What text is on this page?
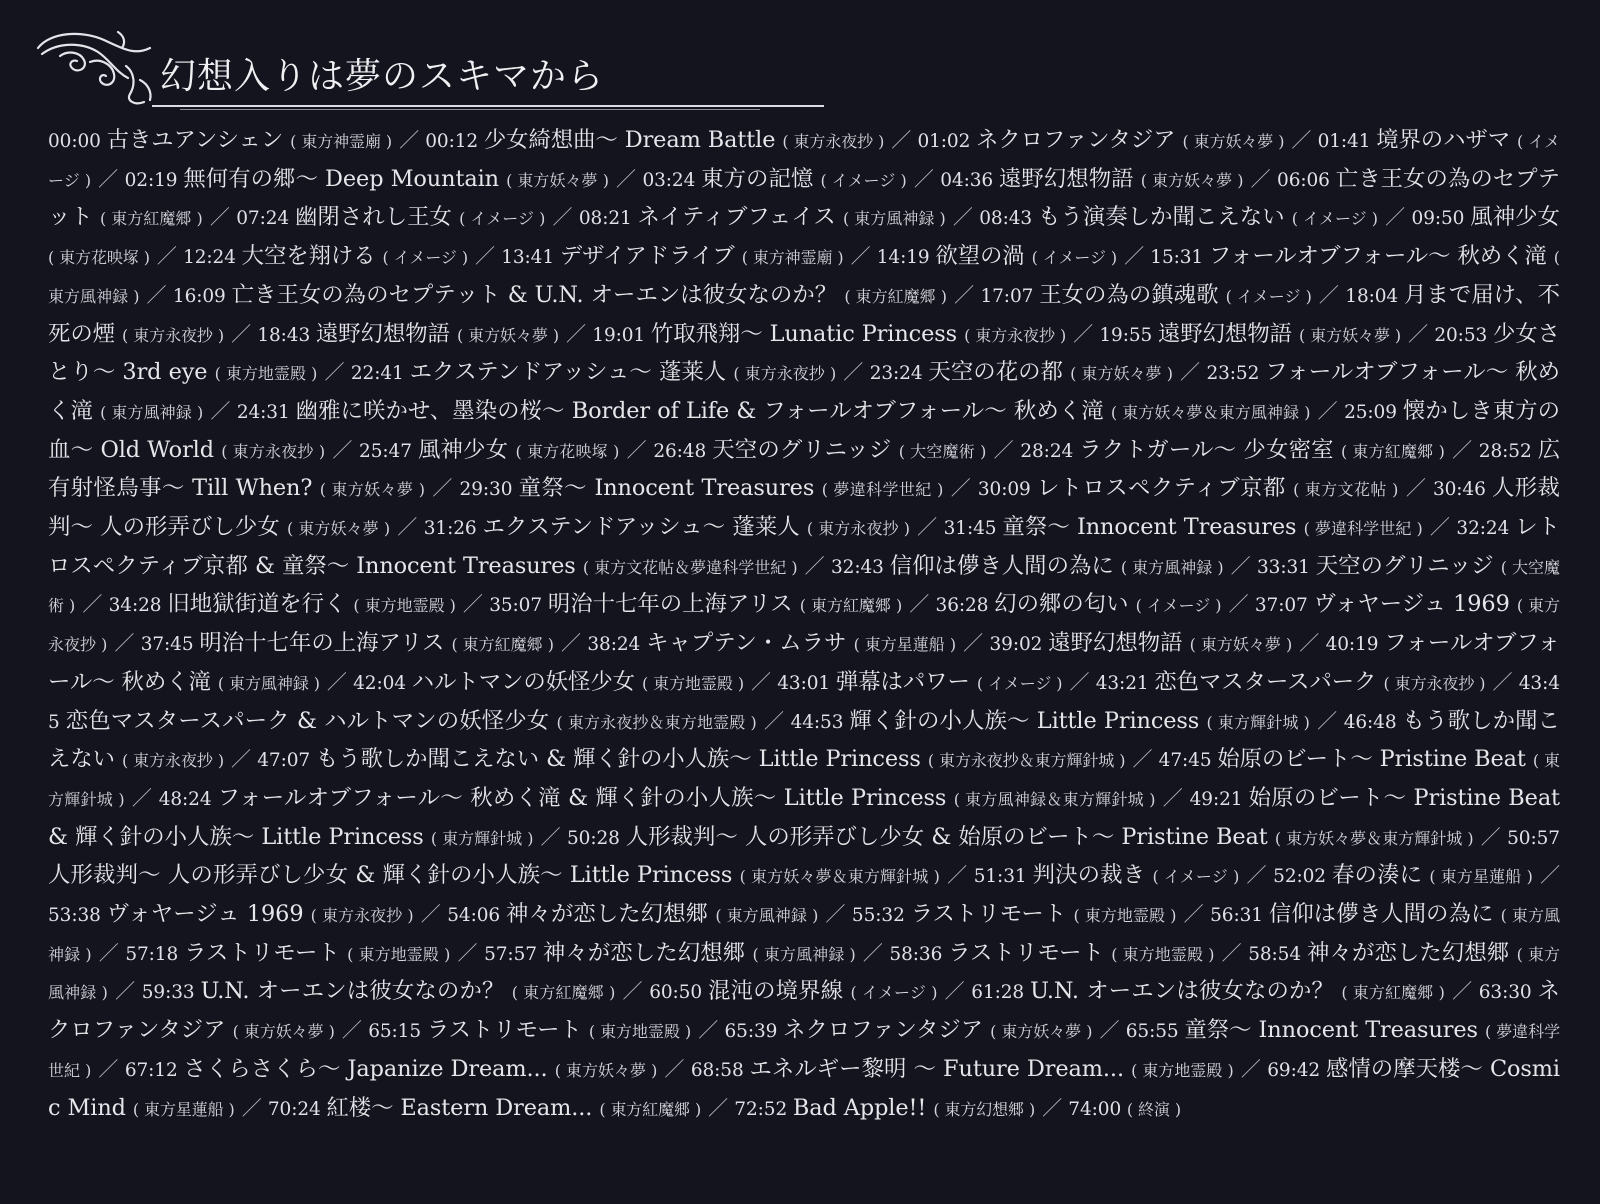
幻想入りは夢のスキマから
00:00 古きユアンシェン ( 東方神霊廟 ) ／ 00:12 少女綺想曲〜 Dream Battle ( 東方永夜抄 ) ／ 01:02 ネクロファンタジア ( 東方妖々夢 ) ／ 01:41 境界のハザマ ( イメージ ) ／ 02:19 無何有の郷〜 Deep Mountain ( 東方妖々夢 ) ／ 03:24 東方の記憶 ( イメージ ) ／ 04:36 遠野幻想物語 ( 東方妖々夢 ) ／ 06:06 亡き王女の為のセプテット ( 東方紅魔郷 ) ／ 07:24 幽閉されし王女 ( イメージ ) ／ 08:21 ネイティブフェイス ( 東方風神録 ) ／ 08:43 もう演奏しか聞こえない ( イメージ ) ／ 09:50 風神少女 ( 東方花映塚 ) ／ 12:24 大空を翔ける ( イメージ ) ／ 13:41 デザイアドライブ ( 東方神霊廟 ) ／ 14:19 欲望の渦 ( イメージ ) ／ 15:31 フォールオブフォール〜 秋めく滝 ( 東方風神録 ) ／ 16:09 亡き王女の為のセプテット & U.N. オーエンは彼女なのか？ ( 東方紅魔郷 ) ／ 17:07 王女の為の鎮魂歌 ( イメージ ) ／ 18:04 月まで届け、不死の煙 ( 東方永夜抄 ) ／ 18:43 遠野幻想物語 ( 東方妖々夢 ) ／ 19:01 竹取飛翔〜 Lunatic Princess ( 東方永夜抄 ) ／ 19:55 遠野幻想物語 ( 東方妖々夢 ) ／ 20:53 少女さとり〜 3rd eye ( 東方地霊殿 ) ／ 22:41 エクステンドアッシュ〜 蓬莱人 ( 東方永夜抄 ) ／ 23:24 天空の花の都 ( 東方妖々夢 ) ／ 23:52 フォールオブフォール〜 秋めく滝 ( 東方風神録 ) ／ 24:31 幽雅に咲かせ、墨染の桜〜 Border of Life & フォールオブフォール〜 秋めく滝 ( 東方妖々夢＆東方風神録 ) ／ 25:09 懐かしき東方の血〜 Old World ( 東方永夜抄 ) ／ 25:47 風神少女 ( 東方花映塚 ) ／ 26:48 天空のグリニッジ ( 大空魔術 ) ／ 28:24 ラクトガール〜 少女密室 ( 東方紅魔郷 ) ／ 28:52 広有射怪鳥事〜 Till When? ( 東方妖々夢 ) ／ 29:30 童祭〜 Innocent Treasures ( 夢違科学世紀 ) ／ 30:09 レトロスペクティブ京都 ( 東方文花帖 ) ／ 30:46 人形裁判〜 人の形弄びし少女 ( 東方妖々夢 ) ／ 31:26 エクステンドアッシュ〜 蓬莱人 ( 東方永夜抄 ) ／ 31:45 童祭〜 Innocent Treasures ( 夢違科学世紀 ) ／ 32:24 レトロスペクティブ京都 & 童祭〜 Innocent Treasures ( 東方文花帖＆夢違科学世紀 ) ／ 32:43 信仰は儚き人間の為に ( 東方風神録 ) ／ 33:31 天空のグリニッジ ( 大空魔術 ) ／ 34:28 旧地獄街道を行く ( 東方地霊殿 ) ／ 35:07 明治十七年の上海アリス ( 東方紅魔郷 ) ／ 36:28 幻の郷の匂い ( イメージ ) ／ 37:07 ヴォヤージュ 1969 ( 東方永夜抄 ) ／ 37:45 明治十七年の上海アリス ( 東方紅魔郷 ) ／ 38:24 キャプテン・ムラサ ( 東方星蓮船 ) ／ 39:02 遠野幻想物語 ( 東方妖々夢 ) ／ 40:19 フォールオブフォール〜 秋めく滝 ( 東方風神録 ) ／ 42:04 ハルトマンの妖怪少女 ( 東方地霊殿 ) ／ 43:01 弾幕はパワー ( イメージ ) ／ 43:21 恋色マスタースパーク ( 東方永夜抄 ) ／ 43:45 恋色マスタースパーク & ハルトマンの妖怪少女 ( 東方永夜抄＆東方地霊殿 ) ／ 44:53 輝く針の小人族〜 Little Princess ( 東方輝針城 ) ／ 46:48 もう歌しか聞こえない ( 東方永夜抄 ) ／ 47:07 もう歌しか聞こえない & 輝く針の小人族〜 Little Princess ( 東方永夜抄＆東方輝針城 ) ／ 47:45 始原のビート〜 Pristine Beat ( 東方輝針城 ) ／ 48:24 フォールオブフォール〜 秋めく滝 & 輝く針の小人族〜 Little Princess ( 東方風神録＆東方輝針城 ) ／ 49:21 始原のビート〜 Pristine Beat & 輝く針の小人族〜 Little Princess ( 東方輝針城 ) ／ 50:28 人形裁判〜 人の形弄びし少女 & 始原のビート〜 Pristine Beat ( 東方妖々夢＆東方輝針城 ) ／ 50:57 人形裁判〜 人の形弄びし少女 & 輝く針の小人族〜 Little Princess ( 東方妖々夢＆東方輝針城 ) ／ 51:31 判決の裁き ( イメージ ) ／ 52:02 春の湊に ( 東方星蓮船 ) ／ 53:38 ヴォヤージュ 1969 ( 東方永夜抄 ) ／ 54:06 神々が恋した幻想郷 ( 東方風神録 ) ／ 55:32 ラストリモート ( 東方地霊殿 ) ／ 56:31 信仰は儚き人間の為に ( 東方風神録 ) ／ 57:18 ラストリモート ( 東方地霊殿 ) ／ 57:57 神々が恋した幻想郷 ( 東方風神録 ) ／ 58:36 ラストリモート ( 東方地霊殿 ) ／ 58:54 神々が恋した幻想郷 ( 東方風神録 ) ／ 59:33 U.N. オーエンは彼女なのか？ ( 東方紅魔郷 ) ／ 60:50 混沌の境界線 ( イメージ ) ／ 61:28 U.N. オーエンは彼女なのか？ ( 東方紅魔郷 ) ／ 63:30 ネクロファンタジア ( 東方妖々夢 ) ／ 65:15 ラストリモート ( 東方地霊殿 ) ／ 65:39 ネクロファンタジア ( 東方妖々夢 ) ／ 65:55 童祭〜 Innocent Treasures ( 夢違科学世紀 ) ／ 67:12 さくらさくら〜 Japanize Dream... ( 東方妖々夢 ) ／ 68:58 エネルギー黎明 〜 Future Dream... ( 東方地霊殿 ) ／ 69:42 感情の摩天楼〜 Cosmic Mind ( 東方星蓮船 ) ／ 70:24 紅楼〜 Eastern Dream... ( 東方紅魔郷 ) ／ 72:52 Bad Apple!! ( 東方幻想郷 ) ／ 74:00 ( 終演 )
